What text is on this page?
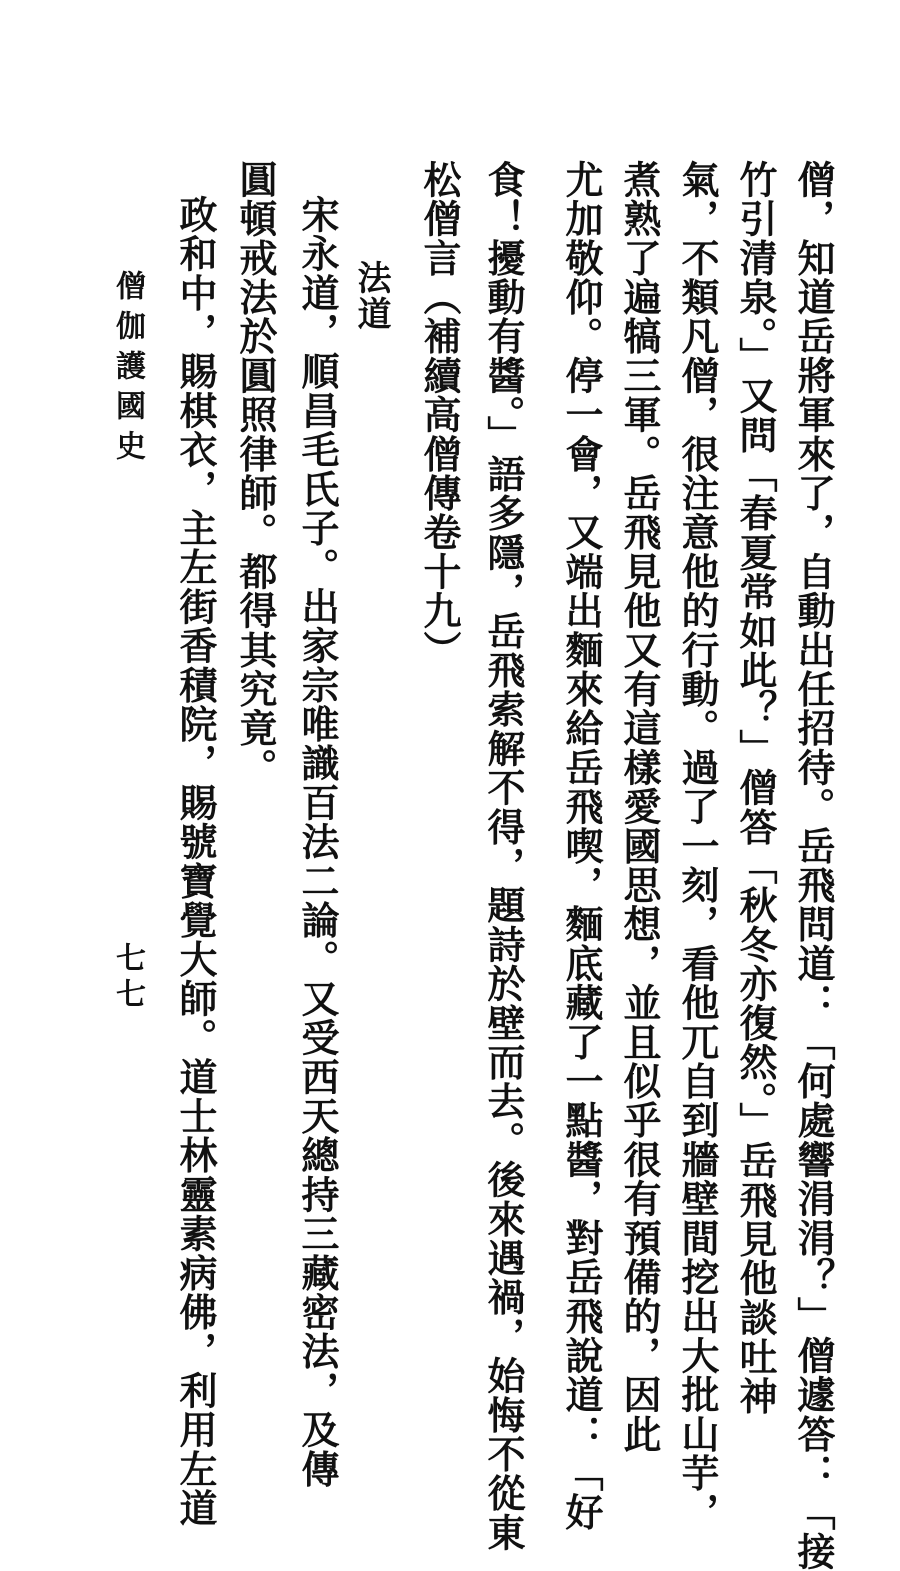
僧，知道岳將軍來了，自動出任招待。岳飛問道：「何處響涓涓？」僧遽答：「接
竹引清泉。」又問「春夏常如此？」僧答「秋冬亦復然。」岳飛見他談吐神
氣，不類凡僧，很注意他的行動。過了一刻，看他兀自到牆壁間挖出大批山芋，
煮熟了遍犒三軍。岳飛見他又有這樣愛國思想，並且似乎很有預備的，因此
尤加敬仰。停一會，又端出麵來給岳飛喫，麵底藏了一點醬，對岳飛說道：「好
食！擾動有醬。」語多隱，岳飛索解不得，題詩於壁而去。後來遇禍，始悔不從東
松僧言（補續高僧傳卷十九）
法道
宋永道，順昌毛氏子。出家宗唯識百法二論。又受西天總持三藏密法，及傳
圓頓戒法於圓照律師。都得其究竟。
政和中，賜棋衣，主左街香積院，賜號寶覺大師。道士林靈素病佛，利用左道
僧伽護國史
七七
